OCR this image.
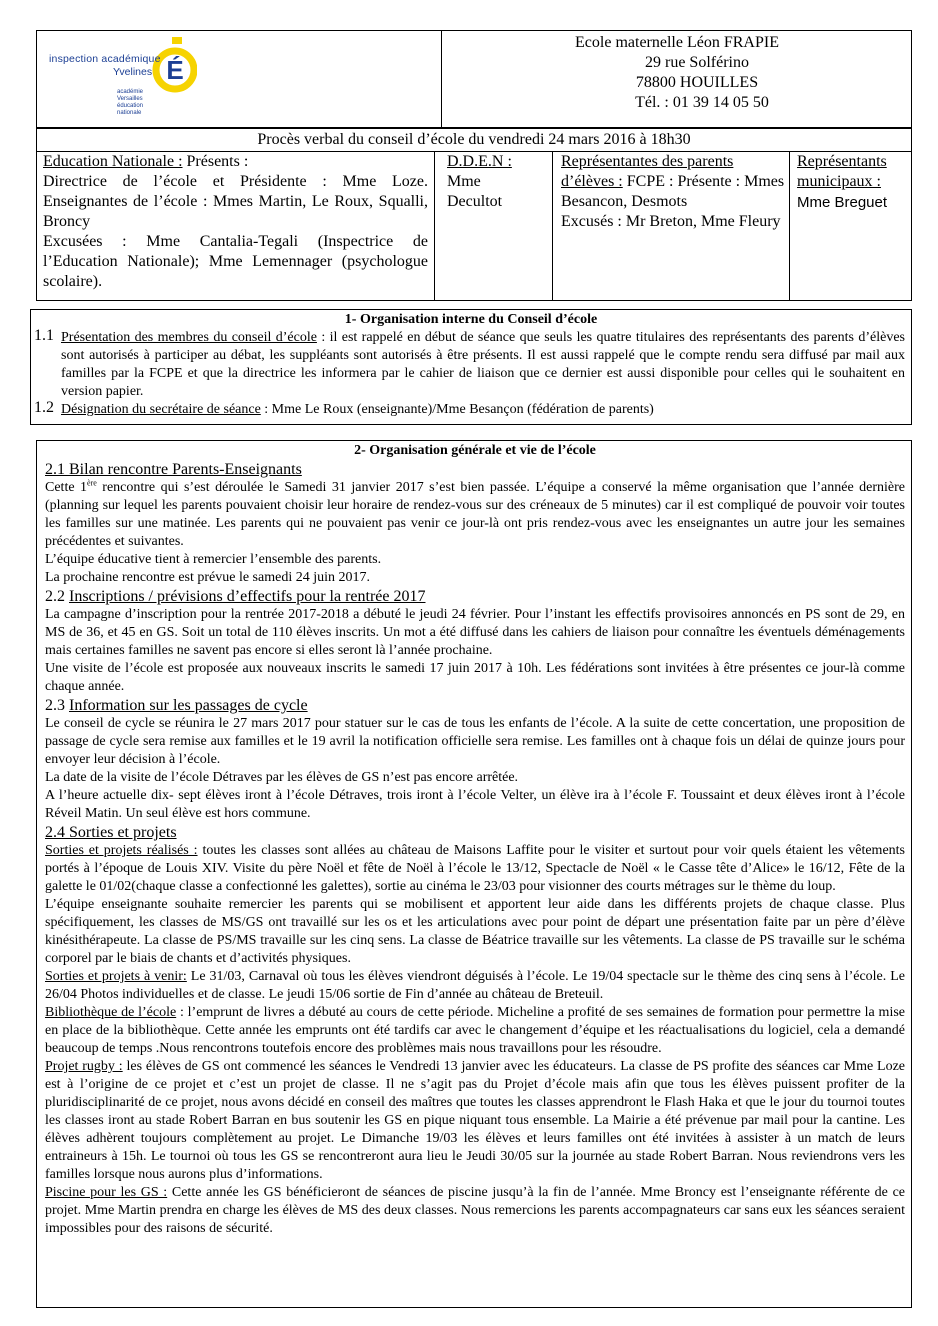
É
inspection académique
Yvelines
académie
Versailles
éducation
nationale
Ecole maternelle Léon FRAPIE
29 rue Solférino
78800 HOUILLES
Tél. : 01 39 14 05 50
Procès verbal du conseil d’école du vendredi 24 mars 2016 à 18h30

Education Nationale : Présents :

Directrice de l’école et Présidente : Mme Loze. Enseignantes de l’école : Mmes Martin, Le Roux, Squalli, Broncy

Excusées : Mme Cantalia-Tegali (Inspectrice de l’Education Nationale); Mme Lemennager (psychologue scolaire).

D.D.E.N :

Mme Decultot

Représentantes des parents d’élèves : FCPE : Présente : Mmes Besancon, Desmots

Excusés : Mr Breton, Mme Fleury

Représentants municipaux :

Mme Breguet

1- Organisation interne du Conseil d’école

1.1 Présentation des membres du conseil d’école : il est rappelé en début de séance que seuls les quatre titulaires des représentants des parents d’élèves sont autorisés à participer au débat, les suppléants sont autorisés à être présents. Il est aussi rappelé que le compte rendu sera diffusé par mail aux familles par la FCPE et que la directrice les informera par le cahier de liaison que ce dernier est aussi disponible pour celles qui le souhaitent en version papier.
1.2 Désignation du secrétaire de séance : Mme Le Roux (enseignante)/Mme Besançon (fédération de parents)

2- Organisation générale et vie de l’école

2.1 Bilan rencontre Parents-Enseignants

Cette 1ère rencontre qui s’est déroulée le Samedi 31 janvier 2017 s’est bien passée. L’équipe a conservé la même organisation que l’année dernière (planning sur lequel les parents pouvaient choisir leur horaire de rendez-vous sur des créneaux de 5 minutes) car il est compliqué de pouvoir voir toutes les familles sur une matinée. Les parents qui ne pouvaient pas venir ce jour-là ont pris rendez-vous avec les enseignantes un autre jour les semaines précédentes et suivantes.

L’équipe éducative tient à remercier l’ensemble des parents.

La prochaine rencontre est prévue le samedi 24 juin 2017.

2.2 Inscriptions / prévisions d’effectifs pour la rentrée 2017

La campagne d’inscription pour la rentrée 2017-2018 a débuté le jeudi 24 février. Pour l’instant les effectifs provisoires annoncés en PS sont de 29, en MS de 36, et 45 en GS. Soit un total de 110 élèves inscrits. Un mot a été diffusé dans les cahiers de liaison pour connaître les éventuels déménagements mais certaines familles ne savent pas encore si elles seront là l’année prochaine.

Une visite de l’école est proposée aux nouveaux inscrits le samedi 17 juin 2017 à 10h. Les fédérations sont invitées à être présentes ce jour-là comme chaque année.

2.3 Information sur les passages de cycle

Le conseil de cycle se réunira le 27 mars 2017 pour statuer sur le cas de tous les enfants de l’école. A la suite de cette concertation, une proposition de passage de cycle sera remise aux familles et le 19 avril la notification officielle sera remise. Les familles ont à chaque fois un délai de quinze jours pour envoyer leur décision à l’école.

La date de la visite de l’école Détraves par les élèves de GS n’est pas encore arrêtée.

A l’heure actuelle dix- sept élèves iront à l’école Détraves, trois iront à l’école Velter, un élève ira à l’école F. Toussaint et deux élèves iront à l’école Réveil Matin. Un seul élève est hors commune.

2.4 Sorties et projets

Sorties et projets réalisés : toutes les classes sont allées au château de Maisons Laffite pour le visiter et surtout pour voir quels étaient les vêtements portés à l’époque de Louis XIV. Visite du père Noël et fête de Noël à l’école le 13/12, Spectacle de Noël « le Casse tête d’Alice» le 16/12, Fête de la galette le 01/02(chaque classe a confectionné les galettes), sortie au cinéma le 23/03 pour visionner des courts métrages sur le thème du loup.

L’équipe enseignante souhaite remercier les parents qui se mobilisent et apportent leur aide dans les différents projets de chaque classe. Plus spécifiquement, les classes de MS/GS ont travaillé sur les os et les articulations avec pour point de départ une présentation faite par un père d’élève kinésithérapeute. La classe de PS/MS travaille sur les cinq sens. La classe de Béatrice travaille sur les vêtements. La classe de PS travaille sur le schéma corporel par le biais de chants et d’activités physiques.

Sorties et projets à venir: Le 31/03, Carnaval où tous les élèves viendront déguisés à l’école. Le 19/04 spectacle sur le thème des cinq sens à l’école. Le 26/04 Photos individuelles et de classe. Le jeudi 15/06 sortie de Fin d’année au château de Breteuil.

Bibliothèque de l’école : l’emprunt de livres a débuté au cours de cette période. Micheline a profité de ses semaines de formation pour permettre la mise en place de la bibliothèque. Cette année les emprunts ont été tardifs car avec le changement d’équipe et les réactualisations du logiciel, cela a demandé beaucoup de temps .Nous rencontrons toutefois encore des problèmes mais nous travaillons pour les résoudre.

Projet rugby : les élèves de GS ont commencé les séances le Vendredi 13 janvier avec les éducateurs. La classe de PS profite des séances car Mme Loze est à l’origine de ce projet et c’est un projet de classe. Il ne s’agit pas du Projet d’école mais afin que tous les élèves puissent profiter de la pluridisciplinarité de ce projet, nous avons décidé en conseil des maîtres que toutes les classes apprendront le Flash Haka et que le jour du tournoi toutes les classes iront au stade Robert Barran en bus soutenir les GS en pique niquant tous ensemble. La Mairie a été prévenue par mail pour la cantine. Les élèves adhèrent toujours complètement au projet. Le Dimanche 19/03 les élèves et leurs familles ont été invitées à assister à un match de leurs entraineurs à 15h. Le tournoi où tous les GS se rencontreront aura lieu le Jeudi 30/05 sur la journée au stade Robert Barran. Nous reviendrons vers les familles lorsque nous aurons plus d’informations.

Piscine pour les GS : Cette année les GS bénéficieront de séances de piscine jusqu’à la fin de l’année. Mme Broncy est l’enseignante référente de ce projet. Mme Martin prendra en charge les élèves de MS des deux classes. Nous remercions les parents accompagnateurs car sans eux les séances seraient impossibles pour des raisons de sécurité.
